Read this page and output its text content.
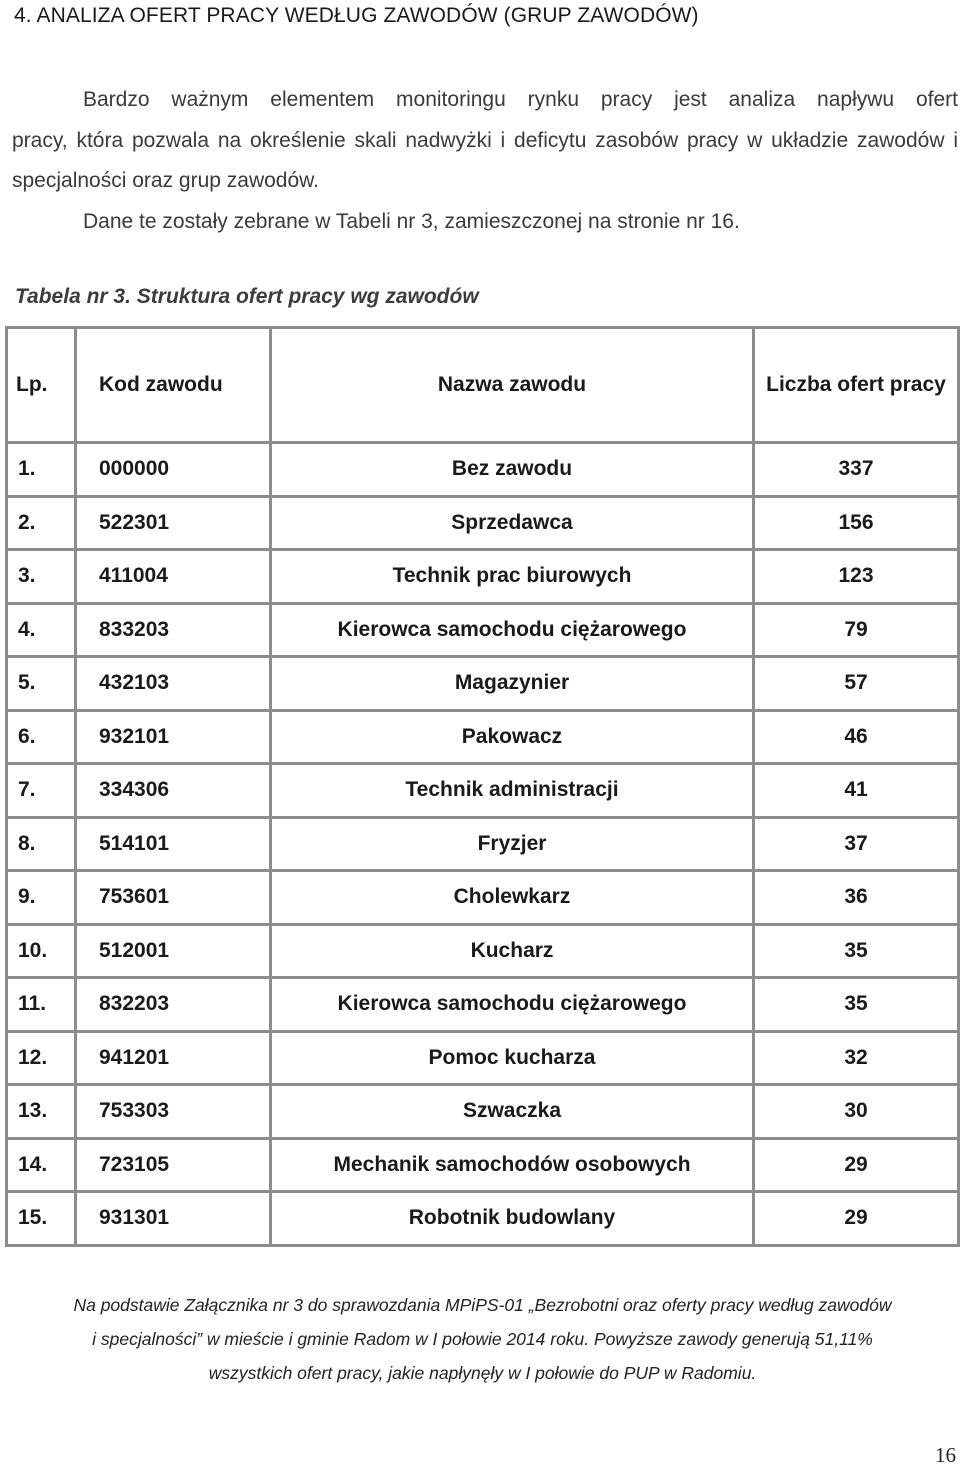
4. ANALIZA OFERT PRACY WEDŁUG ZAWODÓW (GRUP ZAWODÓW)
Bardzo ważnym elementem monitoringu rynku pracy jest analiza napływu ofert
pracy, która pozwala na określenie skali nadwyżki i deficytu zasobów pracy w układzie zawodów i specjalności oraz grup zawodów.

Dane te zostały zebrane w Tabeli nr 3, zamieszczonej na stronie nr 16.

Tabela nr 3. Struktura ofert pracy wg zawodów
Lp.	Kod zawodu	Nazwa zawodu	Liczba ofert pracy
1.	000000	Bez zawodu	337
2.	522301	Sprzedawca	156
3.	411004	Technik prac biurowych	123
4.	833203	Kierowca samochodu ciężarowego	79
5.	432103	Magazynier	57
6.	932101	Pakowacz	46
7.	334306	Technik administracji	41
8.	514101	Fryzjer	37
9.	753601	Cholewkarz	36
10.	512001	Kucharz	35
11.	832203	Kierowca samochodu ciężarowego	35
12.	941201	Pomoc kucharza	32
13.	753303	Szwaczka	30
14.	723105	Mechanik samochodów osobowych	29
15.	931301	Robotnik budowlany	29

Na podstawie Załącznika nr 3 do sprawozdania MPiPS-01 „Bezrobotni oraz oferty pracy według zawodów

i specjalności” w mieście i gminie Radom w I połowie 2014 roku. Powyższe zawody generują 51,11%

wszystkich ofert pracy, jakie napłynęły w I połowie do PUP w Radomiu.

16
